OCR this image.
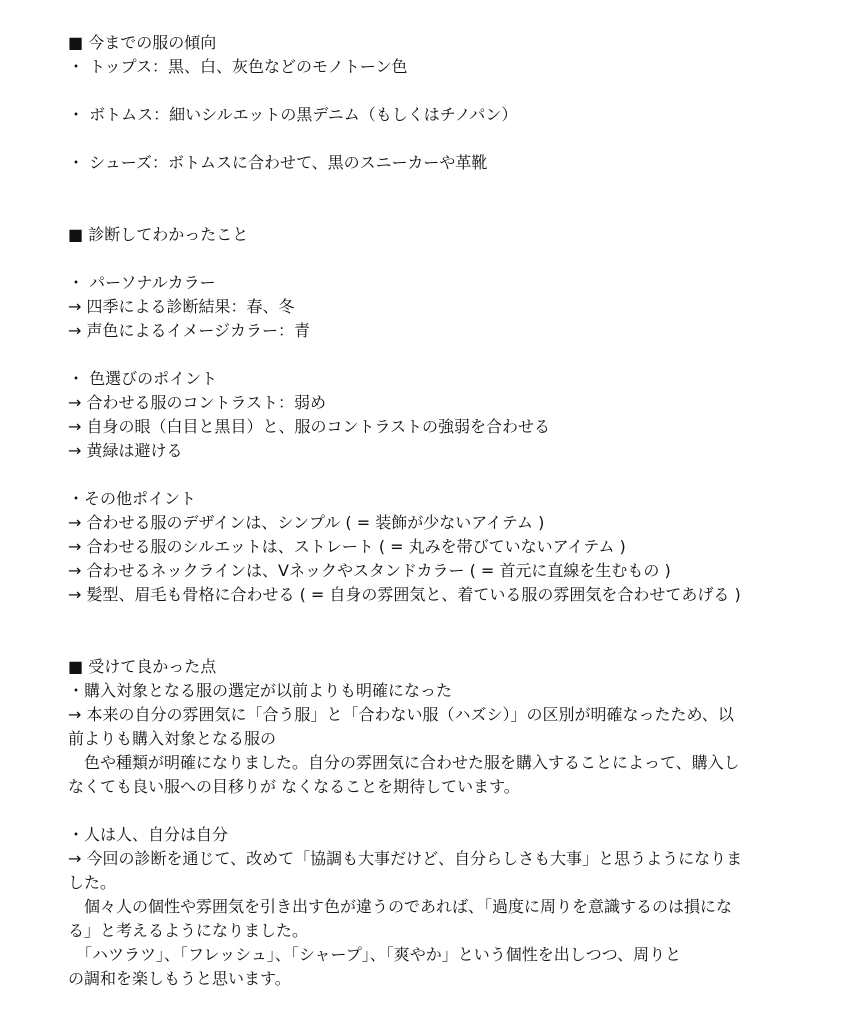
■ 今までの服の傾向
・ トップス：黒、白、灰色などのモノトーン色
・ ボトムス：細いシルエットの黒デニム（もしくはチノパン）
・ シューズ：ボトムスに合わせて、黒のスニーカーや革靴
■ 診断してわかったこと
・ パーソナルカラー
→ 四季による診断結果：春、冬
→ 声色によるイメージカラー：青
・ 色選びのポイント
→ 合わせる服のコントラスト：弱め
→ 自身の眼（白目と黒目）と、服のコントラストの強弱を合わせる
→ 黄緑は避ける
・その他ポイント
→ 合わせる服のデザインは、シンプル ( = 装飾が少ないアイテム )
→ 合わせる服のシルエットは、ストレート ( = 丸みを帯びていないアイテム )
→ 合わせるネックラインは、Vネックやスタンドカラー ( = 首元に直線を生むもの )
→ 髪型、眉毛も骨格に合わせる ( = 自身の雰囲気と、着ている服の雰囲気を合わせてあげる )
■ 受けて良かった点
・購入対象となる服の選定が以前よりも明確になった
→ 本来の自分の雰囲気に「合う服」と「合わない服（ハズシ）」の区別が明確なったため、以
前よりも購入対象となる服の
　色や種類が明確になりました。自分の雰囲気に合わせた服を購入することによって、購入し
なくても良い服への目移りが なくなることを期待しています。
・人は人、自分は自分
→ 今回の診断を通じて、改めて「協調も大事だけど、自分らしさも大事」と思うようになりま
した。
　個々人の個性や雰囲気を引き出す色が違うのであれば、「過度に周りを意識するのは損にな
る」と考えるようになりました。
　「ハツラツ」、「フレッシュ」、「シャープ」、「爽やか」という個性を出しつつ、周りと
の調和を楽しもうと思います。
